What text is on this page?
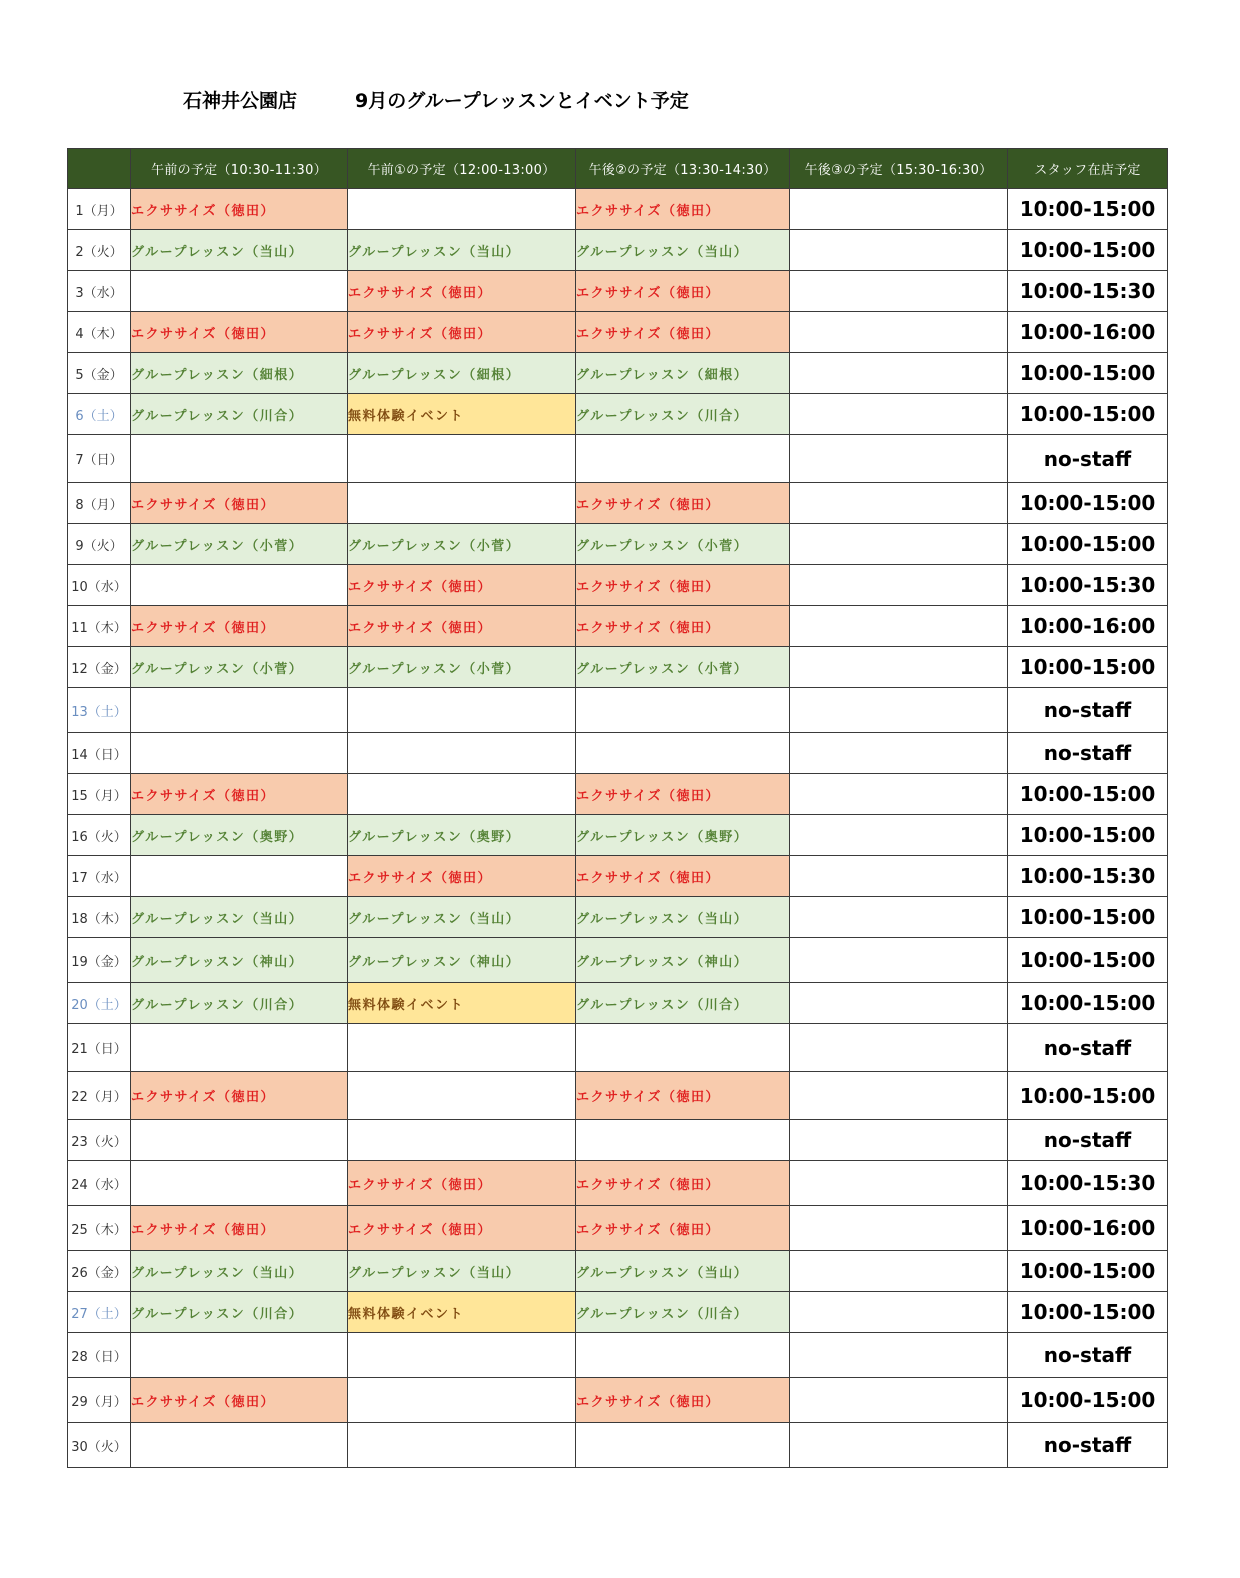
石神井公園店	9月のグループレッスンとイベント予定
	午前の予定（10:30-11:30）	午前①の予定（12:00-13:00）	午後②の予定（13:30-14:30）	午後③の予定（15:30-16:30）	スタッフ在店予定
1（月）	エクササイズ（徳田）		エクササイズ（徳田）		10:00-15:00
2（火）	グループレッスン（当山）	グループレッスン（当山）	グループレッスン（当山）		10:00-15:00
3（水）		エクササイズ（徳田）	エクササイズ（徳田）		10:00-15:30
4（木）	エクササイズ（徳田）	エクササイズ（徳田）	エクササイズ（徳田）		10:00-16:00
5（金）	グループレッスン（細根）	グループレッスン（細根）	グループレッスン（細根）		10:00-15:00
6（土）	グループレッスン（川合）	無料体験イベント	グループレッスン（川合）		10:00-15:00
7（日）					no-staff
8（月）	エクササイズ（徳田）		エクササイズ（徳田）		10:00-15:00
9（火）	グループレッスン（小菅）	グループレッスン（小菅）	グループレッスン（小菅）		10:00-15:00
10（水）		エクササイズ（徳田）	エクササイズ（徳田）		10:00-15:30
11（木）	エクササイズ（徳田）	エクササイズ（徳田）	エクササイズ（徳田）		10:00-16:00
12（金）	グループレッスン（小菅）	グループレッスン（小菅）	グループレッスン（小菅）		10:00-15:00
13（土）					no-staff
14（日）					no-staff
15（月）	エクササイズ（徳田）		エクササイズ（徳田）		10:00-15:00
16（火）	グループレッスン（奥野）	グループレッスン（奥野）	グループレッスン（奥野）		10:00-15:00
17（水）		エクササイズ（徳田）	エクササイズ（徳田）		10:00-15:30
18（木）	グループレッスン（当山）	グループレッスン（当山）	グループレッスン（当山）		10:00-15:00
19（金）	グループレッスン（神山）	グループレッスン（神山）	グループレッスン（神山）		10:00-15:00
20（土）	グループレッスン（川合）	無料体験イベント	グループレッスン（川合）		10:00-15:00
21（日）					no-staff
22（月）	エクササイズ（徳田）		エクササイズ（徳田）		10:00-15:00
23（火）					no-staff
24（水）		エクササイズ（徳田）	エクササイズ（徳田）		10:00-15:30
25（木）	エクササイズ（徳田）	エクササイズ（徳田）	エクササイズ（徳田）		10:00-16:00
26（金）	グループレッスン（当山）	グループレッスン（当山）	グループレッスン（当山）		10:00-15:00
27（土）	グループレッスン（川合）	無料体験イベント	グループレッスン（川合）		10:00-15:00
28（日）					no-staff
29（月）	エクササイズ（徳田）		エクササイズ（徳田）		10:00-15:00
30（火）					no-staff
